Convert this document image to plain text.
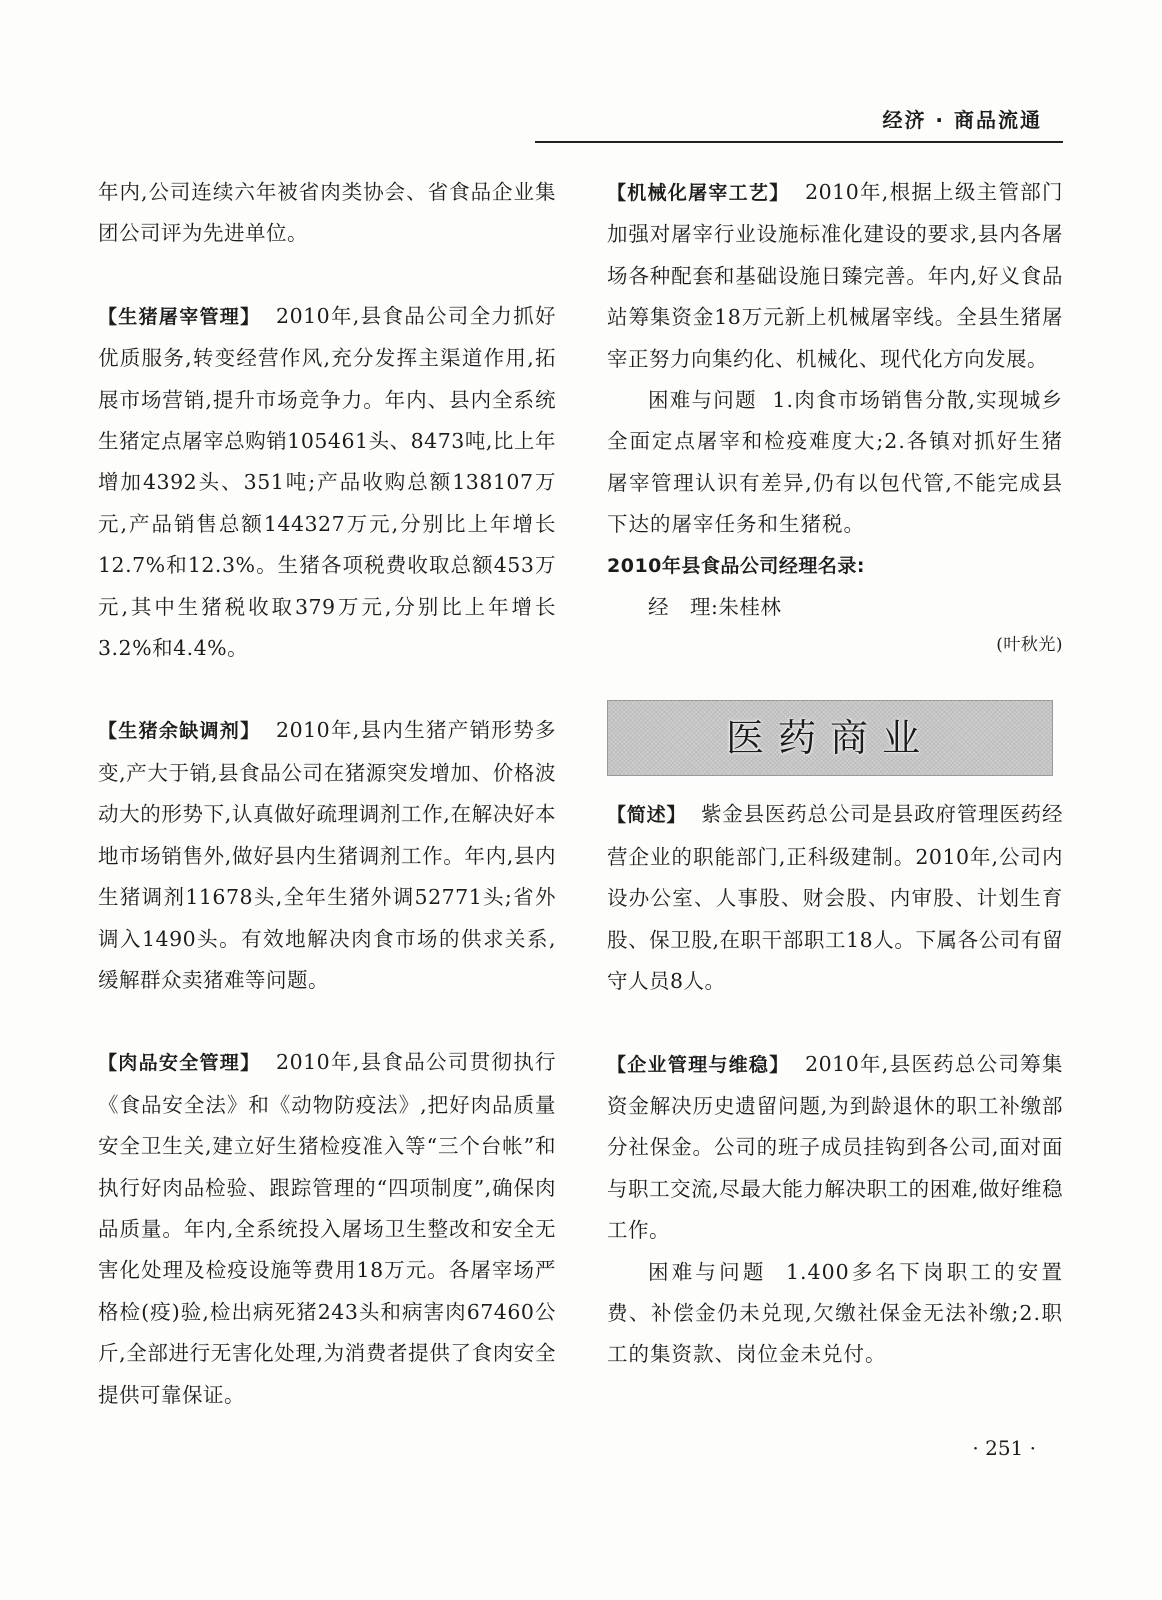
经济 · 商品流通

年内,公司连续六年被省肉类协会、省食品企业集团公司评为先进单位。

【生猪屠宰管理】 2010年,县食品公司全力抓好优质服务,转变经营作风,充分发挥主渠道作用,拓展市场营销,提升市场竞争力。年内、县内全系统生猪定点屠宰总购销105461头、8473吨,比上年增加4392头、351吨;产品收购总额138107万元,产品销售总额144327万元,分别比上年增长12.7%和12.3%。生猪各项税费收取总额453万元,其中生猪税收取379万元,分别比上年增长3.2%和4.4%。

【生猪余缺调剂】 2010年,县内生猪产销形势多变,产大于销,县食品公司在猪源突发增加、价格波动大的形势下,认真做好疏理调剂工作,在解决好本地市场销售外,做好县内生猪调剂工作。年内,县内生猪调剂11678头,全年生猪外调52771头;省外调入1490头。有效地解决肉食市场的供求关系,缓解群众卖猪难等问题。

【肉品安全管理】 2010年,县食品公司贯彻执行《食品安全法》和《动物防疫法》,把好肉品质量安全卫生关,建立好生猪检疫准入等“三个台帐”和执行好肉品检验、跟踪管理的“四项制度”,确保肉品质量。年内,全系统投入屠场卫生整改和安全无害化处理及检疫设施等费用18万元。各屠宰场严格检(疫)验,检出病死猪243头和病害肉67460公斤,全部进行无害化处理,为消费者提供了食肉安全提供可靠保证。

【机械化屠宰工艺】 2010年,根据上级主管部门加强对屠宰行业设施标准化建设的要求,县内各屠场各种配套和基础设施日臻完善。年内,好义食品站筹集资金18万元新上机械屠宰线。全县生猪屠宰正努力向集约化、机械化、现代化方向发展。

困难与问题 1.肉食市场销售分散,实现城乡全面定点屠宰和检疫难度大;2.各镇对抓好生猪屠宰管理认识有差异,仍有以包代管,不能完成县下达的屠宰任务和生猪税。

2010年县食品公司经理名录:

经　理:朱桂林

(叶秋光)

医药商业

【简述】 紫金县医药总公司是县政府管理医药经营企业的职能部门,正科级建制。2010年,公司内设办公室、人事股、财会股、内审股、计划生育股、保卫股,在职干部职工18人。下属各公司有留守人员8人。

【企业管理与维稳】 2010年,县医药总公司筹集资金解决历史遗留问题,为到龄退休的职工补缴部分社保金。公司的班子成员挂钩到各公司,面对面与职工交流,尽最大能力解决职工的困难,做好维稳工作。

困难与问题 1.400多名下岗职工的安置费、补偿金仍未兑现,欠缴社保金无法补缴;2.职工的集资款、岗位金未兑付。

· 251 ·
